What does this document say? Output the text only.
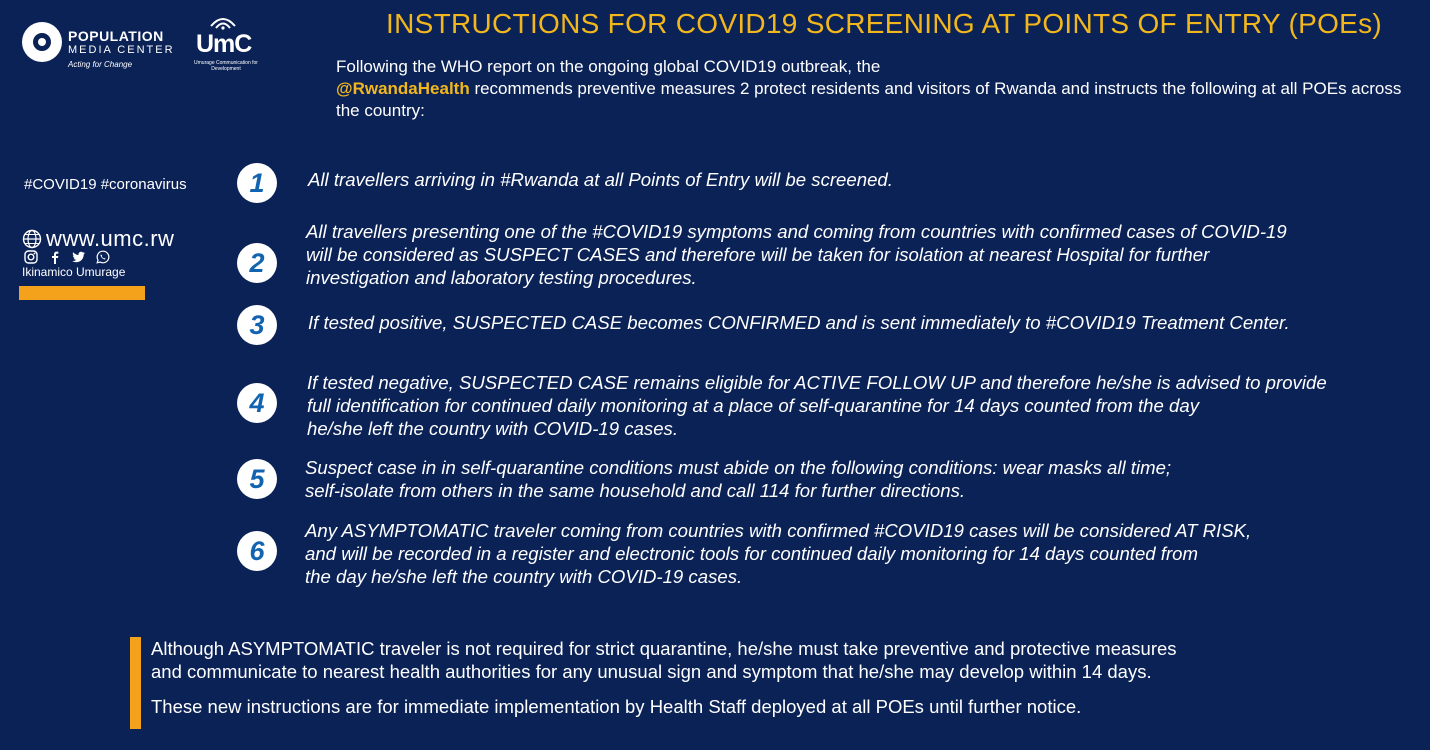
POPULATION
MEDIA CENTER
Acting for Change
UmC
Umurage Communication for Development
INSTRUCTIONS FOR COVID19 SCREENING AT POINTS OF ENTRY (POEs)
Following the WHO report on the ongoing global COVID19 outbreak, the
@RwandaHealth recommends preventive measures 2 protect residents and visitors of Rwanda and instructs the following at all POEs across the country:
#COVID19 #coronavirus
www.umc.rw
Ikinamico Umurage
1	All travellers arriving in #Rwanda at all Points of Entry will be screened.
2
All travellers presenting one of the #COVID19 symptoms and coming from countries with confirmed cases of COVID-19
will be considered as SUSPECT CASES and therefore will be taken for isolation at nearest Hospital for further
investigation and laboratory testing procedures.
3	If tested positive, SUSPECTED CASE becomes CONFIRMED and is sent immediately to #COVID19 Treatment Center.
4
If tested negative, SUSPECTED CASE remains eligible for ACTIVE FOLLOW UP and therefore he/she is advised to provide
full identification for continued daily monitoring at a place of self-quarantine for 14 days counted from the day
he/she left the country with COVID-19 cases.
5	Suspect case in in self-quarantine conditions must abide on the following conditions: wear masks all time;
self-isolate from others in the same household and call 114 for further directions.
6
Any ASYMPTOMATIC traveler coming from countries with confirmed #COVID19 cases will be considered AT RISK,
and will be recorded in a register and electronic tools for continued daily monitoring for 14 days counted from
the day he/she left the country with COVID-19 cases.
Although ASYMPTOMATIC traveler is not required for strict quarantine, he/she must take preventive and protective measures
and communicate to nearest health authorities for any unusual sign and symptom that he/she may develop within 14 days.
These new instructions are for immediate implementation by Health Staff deployed at all POEs until further notice.
